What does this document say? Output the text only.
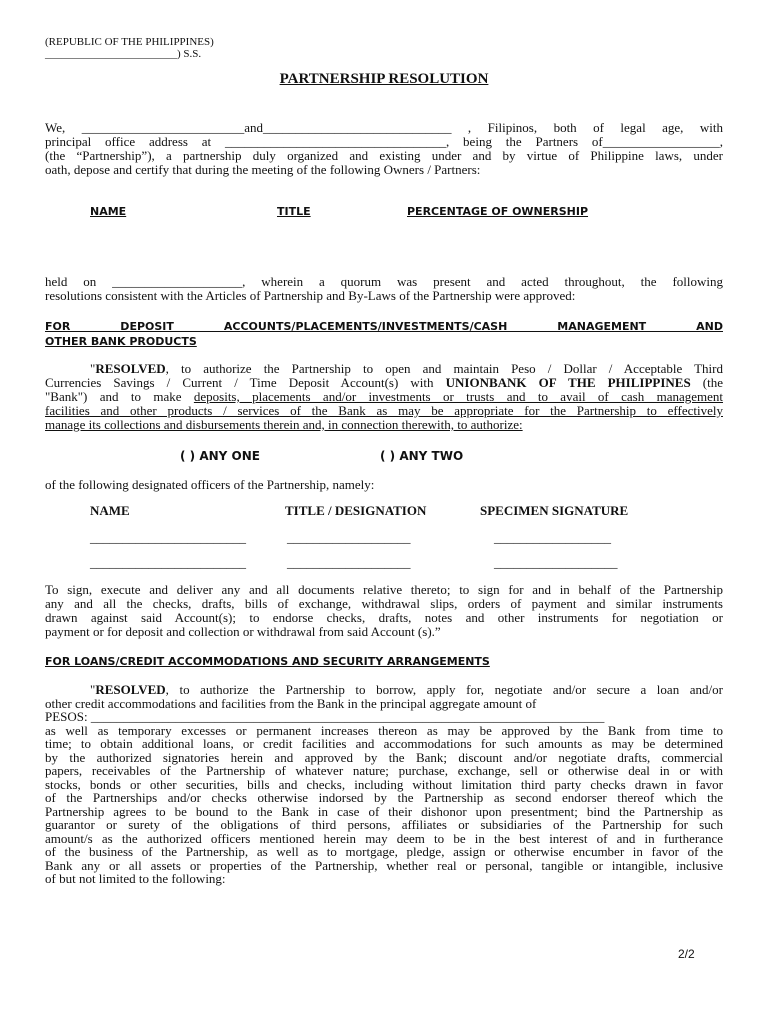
(REPUBLIC OF THE PHILIPPINES)
________________________) S.S.
PARTNERSHIP RESOLUTION
We, _________________________and_____________________________ , Filipinos, both of legal age, with
principal office address at __________________________________, being the Partners of__________________,
(the “Partnership”), a partnership duly organized and existing under and by virtue of Philippine laws, under
oath, depose and certify that during the meeting of the following Owners / Partners:
NAME	TITLE	PERCENTAGE OF OWNERSHIP
held on ____________________, wherein a quorum was present and acted throughout, the following
resolutions consistent with the Articles of Partnership and By-Laws of the Partnership were approved:
FOR DEPOSIT ACCOUNTS/PLACEMENTS/INVESTMENTS/CASH MANAGEMENT AND
OTHER BANK PRODUCTS
"RESOLVED, to authorize the Partnership to open and maintain Peso / Dollar / Acceptable Third
Currencies Savings / Current / Time Deposit Account(s) with UNIONBANK OF THE PHILIPPINES (the
"Bank") and to make deposits, placements and/or investments or trusts and to avail of cash management
facilities and other products / services of the Bank as may be appropriate for the Partnership to effectively
manage its collections and disbursements therein and, in connection therewith, to authorize:
( ) ANY ONE	( ) ANY TWO
of the following designated officers of the Partnership, namely:
NAME	TITLE / DESIGNATION	SPECIMEN SIGNATURE
________________________	___________________	__________________
________________________	___________________	___________________
To sign, execute and deliver any and all documents relative thereto; to sign for and in behalf of the Partnership
any and all the checks, drafts, bills of exchange, withdrawal slips, orders of payment and similar instruments
drawn against said Account(s); to endorse checks, drafts, notes and other instruments for negotiation or
payment or for deposit and collection or withdrawal from said Account (s).”
FOR LOANS/CREDIT ACCOMMODATIONS AND SECURITY ARRANGEMENTS
"RESOLVED, to authorize the Partnership to borrow, apply for, negotiate and/or secure a loan and/or
other credit accommodations and facilities from the Bank in the principal aggregate amount of
PESOS: _______________________________________________________________________________
as well as temporary excesses or permanent increases thereon as may be approved by the Bank from time to
time; to obtain additional loans, or credit facilities and accommodations for such amounts as may be determined
by the authorized signatories herein and approved by the Bank; discount and/or negotiate drafts, commercial
papers, receivables of the Partnership of whatever nature; purchase, exchange, sell or otherwise deal in or with
stocks, bonds or other securities, bills and checks, including without limitation third party checks drawn in favor
of the Partnerships and/or checks otherwise indorsed by the Partnership as second endorser thereof which the
Partnership agrees to be bound to the Bank in case of their dishonor upon presentment; bind the Partnership as
guarantor or surety of the obligations of third persons, affiliates or subsidiaries of the Partnership for such
amount/s as the authorized officers mentioned herein may deem to be in the best interest of and in furtherance
of the business of the Partnership, as well as to mortgage, pledge, assign or otherwise encumber in favor of the
Bank any or all assets or properties of the Partnership, whether real or personal, tangible or intangible, inclusive
of but not limited to the following:
2/2
